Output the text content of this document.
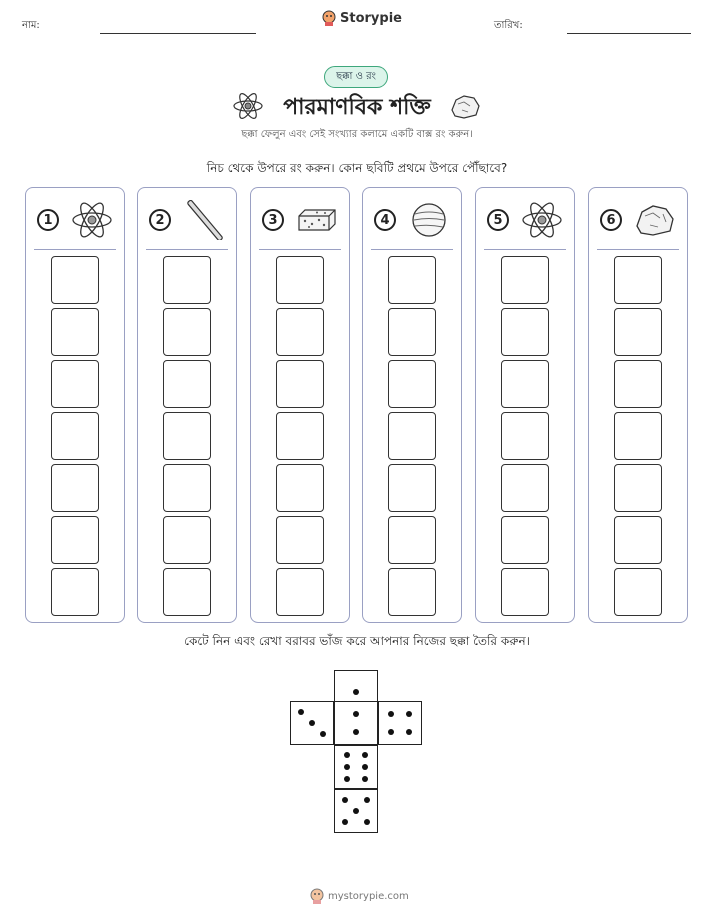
নাম:	Storypie	তারিখ:
ছক্কা ও রং
পারমাণবিক শক্তি
ছক্কা ফেলুন এবং সেই সংখ্যার কলামে একটি বাক্স রং করুন।
নিচ থেকে উপরে রং করুন। কোন ছবিটি প্রথমে উপরে পৌঁছাবে?
1	2	3	4	5	6
কেটে নিন এবং রেখা বরাবর ভাঁজ করে আপনার নিজের ছক্কা তৈরি করুন।
mystorypie.com
